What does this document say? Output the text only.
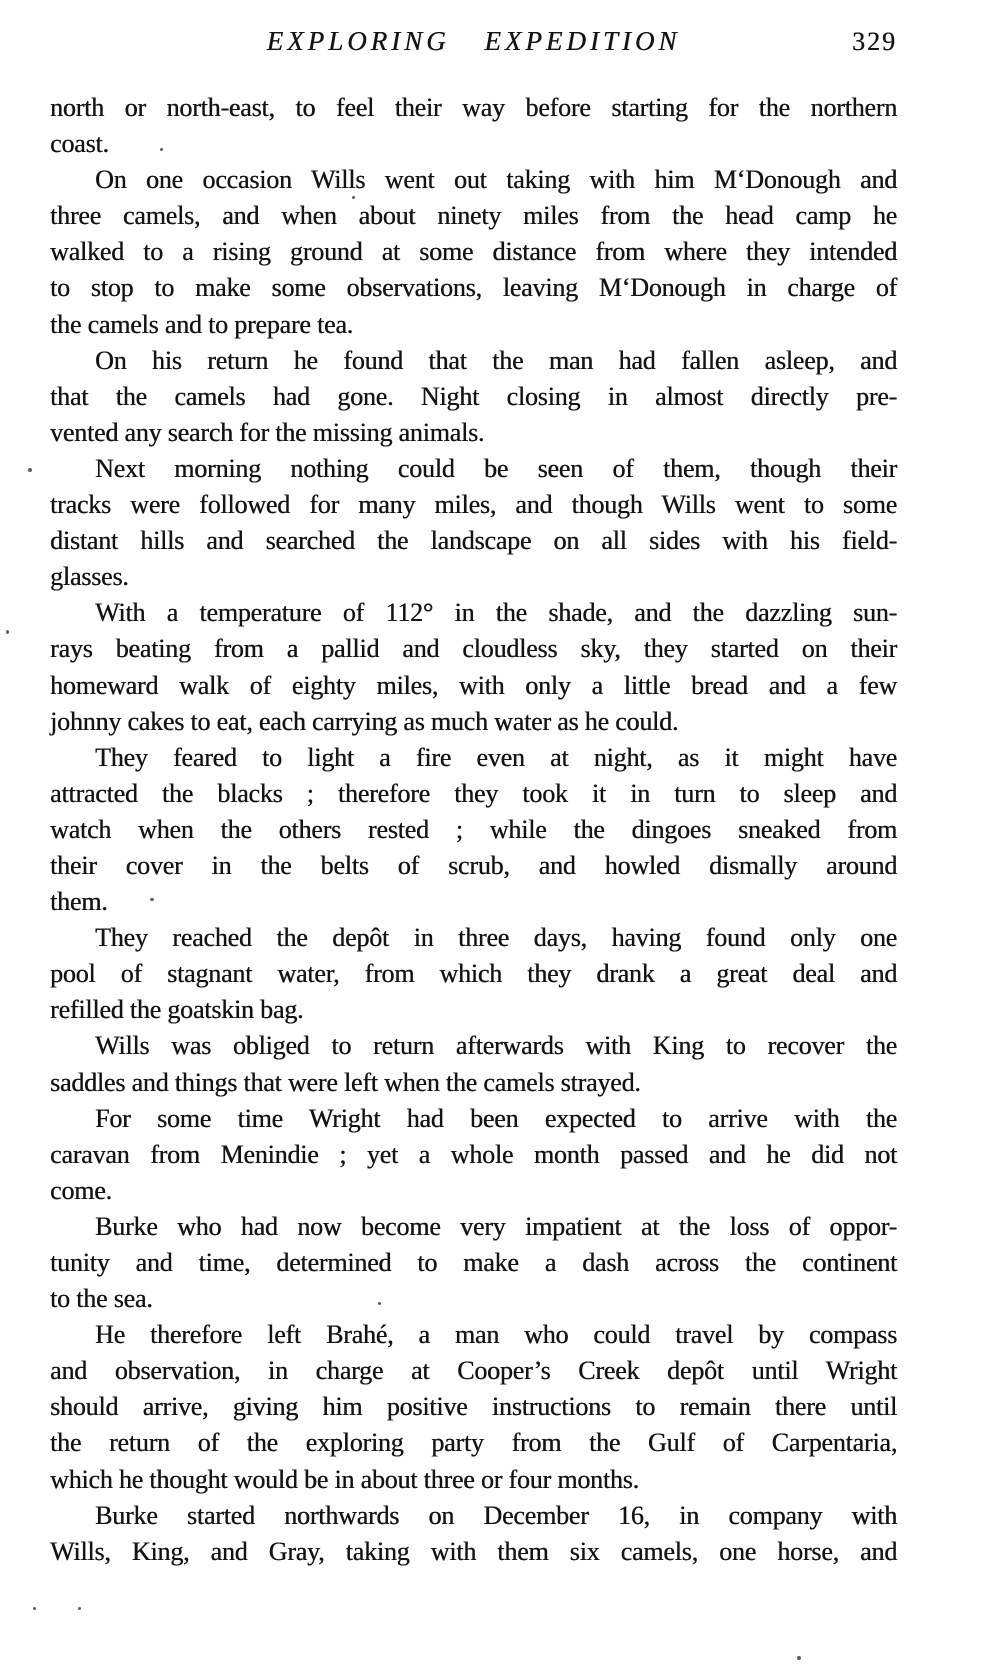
EXPLORING EXPEDITION	329

north or north-east, to feel their way before starting for the northern
coast.

On one occasion Wills went out taking with him M‘Donough and
three camels, and when about ninety miles from the head camp he
walked to a rising ground at some distance from where they intended
to stop to make some observations, leaving M‘Donough in charge of
the camels and to prepare tea.

On his return he found that the man had fallen asleep, and
that the camels had gone. Night closing in almost directly pre-
vented any search for the missing animals.

Next morning nothing could be seen of them, though their
tracks were followed for many miles, and though Wills went to some
distant hills and searched the landscape on all sides with his field-
glasses.

With a temperature of 112° in the shade, and the dazzling sun-
rays beating from a pallid and cloudless sky, they started on their
homeward walk of eighty miles, with only a little bread and a few
johnny cakes to eat, each carrying as much water as he could.

They feared to light a fire even at night, as it might have
attracted the blacks ; therefore they took it in turn to sleep and
watch when the others rested ; while the dingoes sneaked from
their cover in the belts of scrub, and howled dismally around
them.

They reached the depôt in three days, having found only one
pool of stagnant water, from which they drank a great deal and
refilled the goatskin bag.

Wills was obliged to return afterwards with King to recover the
saddles and things that were left when the camels strayed.

For some time Wright had been expected to arrive with the
caravan from Menindie ; yet a whole month passed and he did not
come.

Burke who had now become very impatient at the loss of oppor-
tunity and time, determined to make a dash across the continent
to the sea.

He therefore left Brahé, a man who could travel by compass
and observation, in charge at Cooper’s Creek depôt until Wright
should arrive, giving him positive instructions to remain there until
the return of the exploring party from the Gulf of Carpentaria,
which he thought would be in about three or four months.

Burke started northwards on December 16, in company with
Wills, King, and Gray, taking with them six camels, one horse, and
